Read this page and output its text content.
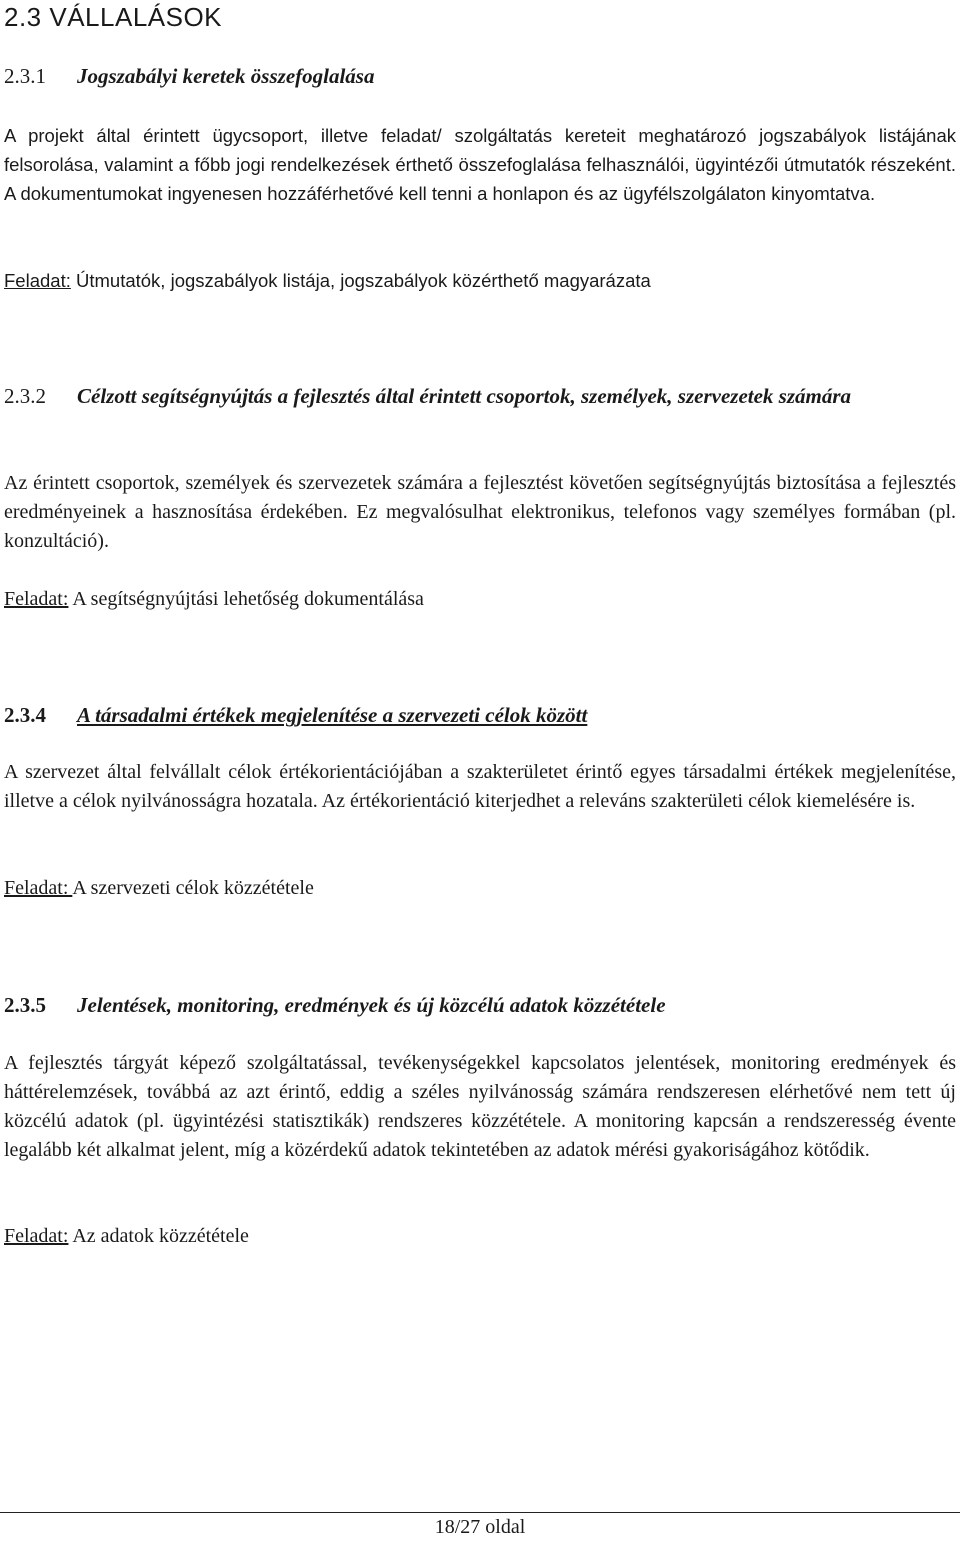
2.3 VÁLLALÁSOK
2.3.1 Jogszabályi keretek összefoglalása

A projekt által érintett ügycsoport, illetve feladat/ szolgáltatás kereteit meghatározó jogszabályok listájának felsorolása, valamint a főbb jogi rendelkezések érthető összefoglalása felhasználói, ügyintézői útmutatók részeként. A dokumentumokat ingyenesen hozzáférhetővé kell tenni a honlapon és az ügyfélszolgálaton kinyomtatva.

Feladat: Útmutatók, jogszabályok listája, jogszabályok közérthető magyarázata

2.3.2 Célzott segítségnyújtás a fejlesztés által érintett csoportok, személyek, szervezetek számára

Az érintett csoportok, személyek és szervezetek számára a fejlesztést követően segítségnyújtás biztosítása a fejlesztés eredményeinek a hasznosítása érdekében. Ez megvalósulhat elektronikus, telefonos vagy személyes formában (pl. konzultáció).

Feladat: A segítségnyújtási lehetőség dokumentálása

2.3.4 A társadalmi értékek megjelenítése a szervezeti célok között

A szervezet által felvállalt célok értékorientációjában a szakterületet érintő egyes társadalmi értékek megjelenítése, illetve a célok nyilvánosságra hozatala. Az értékorientáció kiterjedhet a releváns szakterületi célok kiemelésére is.

Feladat: A szervezeti célok közzététele

2.3.5 Jelentések, monitoring, eredmények és új közcélú adatok közzététele

A fejlesztés tárgyát képező szolgáltatással, tevékenységekkel kapcsolatos jelentések, monitoring eredmények és háttérelemzések, továbbá az azt érintő, eddig a széles nyilvánosság számára rendszeresen elérhetővé nem tett új közcélú adatok (pl. ügyintézési statisztikák) rendszeres közzététele. A monitoring kapcsán a rendszeresség évente legalább két alkalmat jelent, míg a közérdekű adatok tekintetében az adatok mérési gyakoriságához kötődik.

Feladat: Az adatok közzététele

18/27 oldal
